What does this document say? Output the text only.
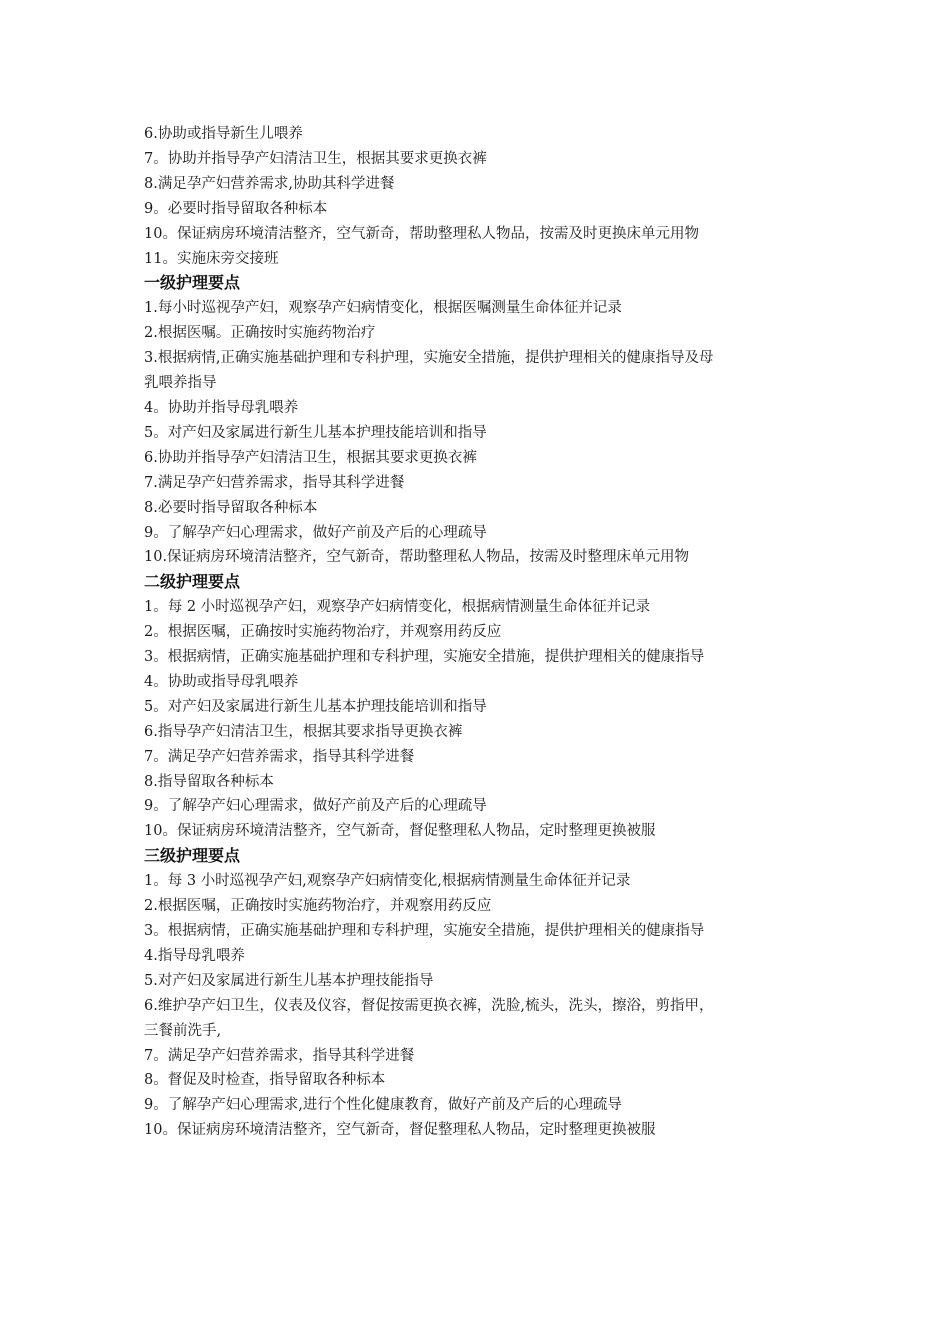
6.协助或指导新生儿喂养
7。协助并指导孕产妇清洁卫生，根据其要求更换衣裤
8.满足孕产妇营养需求,协助其科学进餐
9。必要时指导留取各种标本
10。保证病房环境清洁整齐，空气新奇，帮助整理私人物品，按需及时更换床单元用物
11。实施床旁交接班
一级护理要点
1.每小时巡视孕产妇，观察孕产妇病情变化，根据医嘱测量生命体征并记录
2.根据医嘱。正确按时实施药物治疗
3.根据病情,正确实施基础护理和专科护理，实施安全措施，提供护理相关的健康指导及母
乳喂养指导
4。协助并指导母乳喂养
5。对产妇及家属进行新生儿基本护理技能培训和指导
6.协助并指导孕产妇清洁卫生，根据其要求更换衣裤
7.满足孕产妇营养需求，指导其科学进餐
8.必要时指导留取各种标本
9。了解孕产妇心理需求，做好产前及产后的心理疏导
10.保证病房环境清洁整齐，空气新奇，帮助整理私人物品，按需及时整理床单元用物
二级护理要点
1。每 2 小时巡视孕产妇，观察孕产妇病情变化，根据病情测量生命体征并记录
2。根据医嘱，正确按时实施药物治疗，并观察用药反应
3。根据病情，正确实施基础护理和专科护理，实施安全措施，提供护理相关的健康指导
4。协助或指导母乳喂养
5。对产妇及家属进行新生儿基本护理技能培训和指导
6.指导孕产妇清洁卫生，根据其要求指导更换衣裤
7。满足孕产妇营养需求，指导其科学进餐
8.指导留取各种标本
9。了解孕产妇心理需求，做好产前及产后的心理疏导
10。保证病房环境清洁整齐，空气新奇，督促整理私人物品，定时整理更换被服
三级护理要点
1。每 3 小时巡视孕产妇,观察孕产妇病情变化,根据病情测量生命体征并记录
2.根据医嘱，正确按时实施药物治疗，并观察用药反应
3。根据病情，正确实施基础护理和专科护理，实施安全措施，提供护理相关的健康指导
4.指导母乳喂养
5.对产妇及家属进行新生儿基本护理技能指导
6.维护孕产妇卫生，仪表及仪容，督促按需更换衣裤，洗脸,梳头，洗头，擦浴，剪指甲，
三餐前洗手,
7。满足孕产妇营养需求，指导其科学进餐
8。督促及时检查，指导留取各种标本
9。了解孕产妇心理需求,进行个性化健康教育，做好产前及产后的心理疏导
10。保证病房环境清洁整齐，空气新奇，督促整理私人物品，定时整理更换被服
